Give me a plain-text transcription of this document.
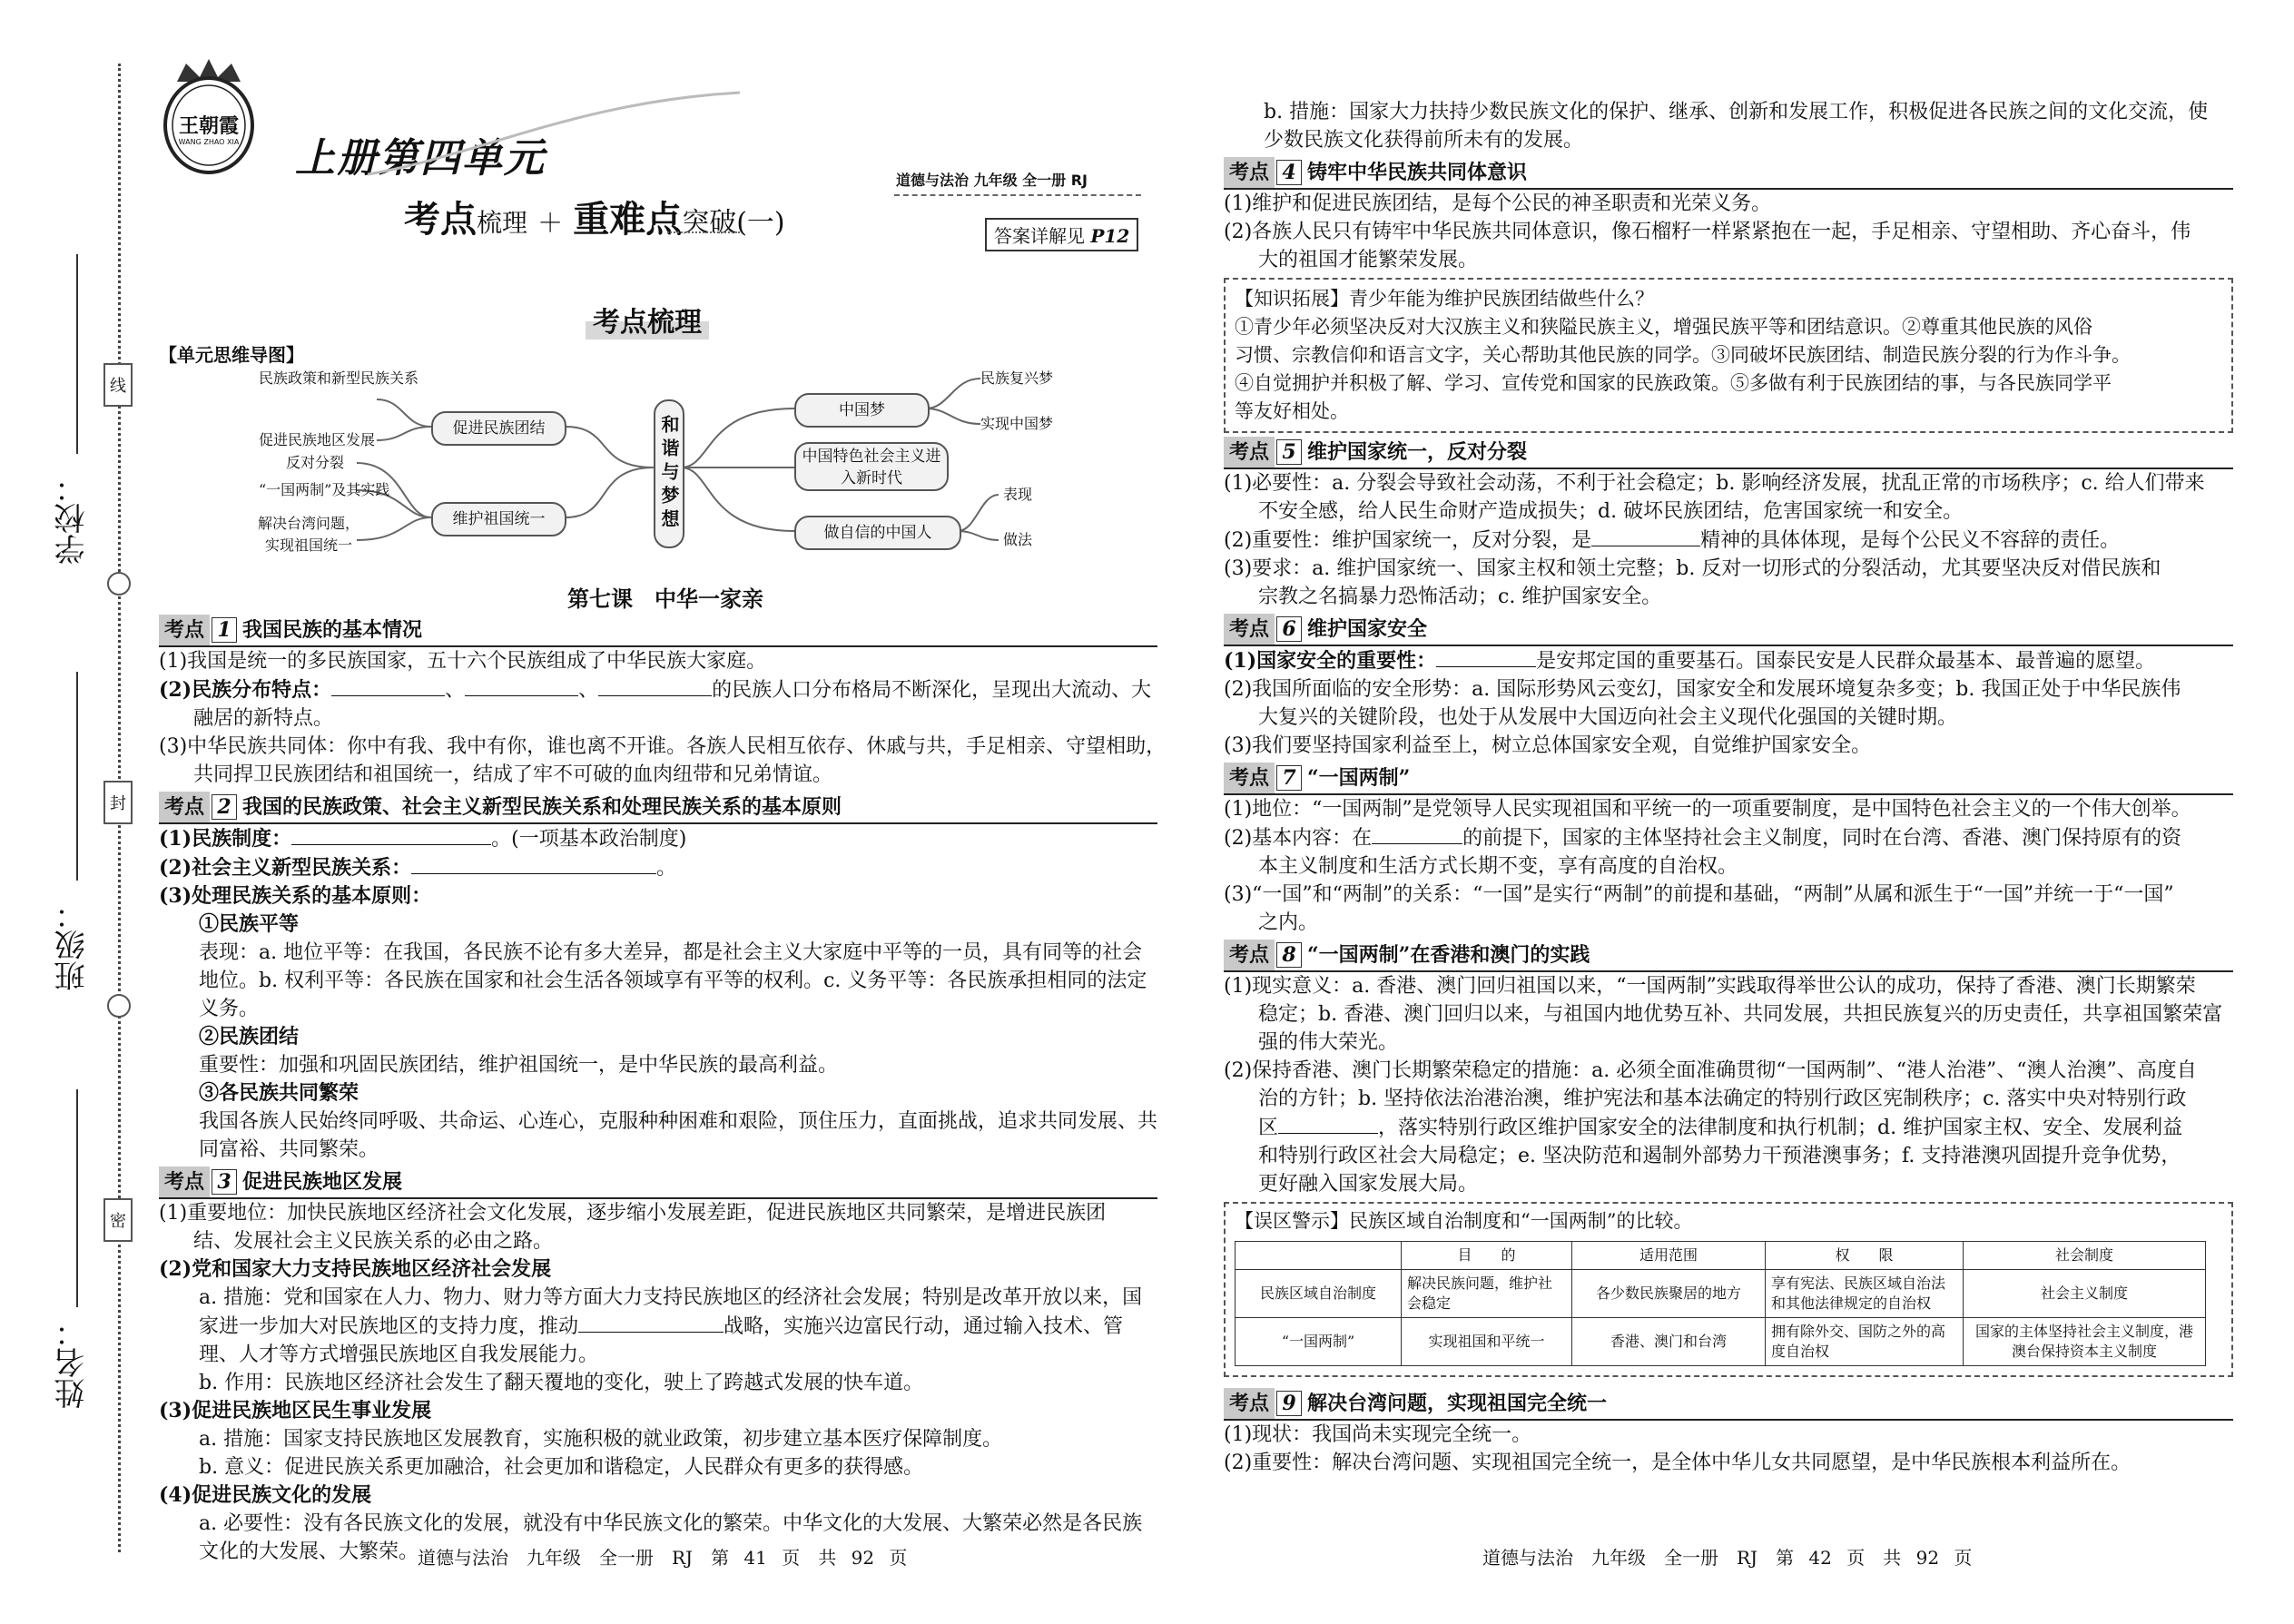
学校：
班级：
姓名：
线
封
密
王朝霞
WANG ZHAO XIA 上册第四单元
考点梳理 ＋ 重难点突破(一)
道德与法治 九年级 全一册 RJ
答案详解见 P12
考点梳理
【单元思维导图】
民族政策和新型民族关系
促进民族地区发展
反对分裂
“一国两制”及其实践
解决台湾问题，实现祖国统一
促进民族团结
维护祖国统一	和谐与梦想
中国梦
中国特色社会主义进入新时代
做自信的中国人
民族复兴梦
实现中国梦
表现
做法
第七课　中华一家亲
考点 1 我国民族的基本情况

(1)我国是统一的多民族国家，五十六个民族组成了中华民族大家庭。

(2)民族分布特点：	、	、	的民族人口分布格局不断深化，呈现出大流动、大

融居的新特点。

(3)中华民族共同体：你中有我、我中有你，谁也离不开谁。各族人民相互依存、休戚与共，手足相亲、守望相助，

共同捍卫民族团结和祖国统一，结成了牢不可破的血肉纽带和兄弟情谊。

考点 2 我国的民族政策、社会主义新型民族关系和处理民族关系的基本原则

(1)民族制度：	。(一项基本政治制度)

(2)社会主义新型民族关系：	。

(3)处理民族关系的基本原则：

①民族平等

表现：a. 地位平等：在我国，各民族不论有多大差异，都是社会主义大家庭中平等的一员，具有同等的社会

地位。b. 权利平等：各民族在国家和社会生活各领域享有平等的权利。c. 义务平等：各民族承担相同的法定

义务。

②民族团结

重要性：加强和巩固民族团结，维护祖国统一，是中华民族的最高利益。

③各民族共同繁荣

我国各族人民始终同呼吸、共命运、心连心，克服种种困难和艰险，顶住压力，直面挑战，追求共同发展、共

同富裕、共同繁荣。

考点 3 促进民族地区发展

(1)重要地位：加快民族地区经济社会文化发展，逐步缩小发展差距，促进民族地区共同繁荣，是增进民族团

结、发展社会主义民族关系的必由之路。

(2)党和国家大力支持民族地区经济社会发展

a. 措施：党和国家在人力、物力、财力等方面大力支持民族地区的经济社会发展；特别是改革开放以来，国

家进一步加大对民族地区的支持力度，推动	战略，实施兴边富民行动，通过输入技术、管

理、人才等方式增强民族地区自我发展能力。

b. 作用：民族地区经济社会发生了翻天覆地的变化，驶上了跨越式发展的快车道。

(3)促进民族地区民生事业发展

a. 措施：国家支持民族地区发展教育，实施积极的就业政策，初步建立基本医疗保障制度。

b. 意义：促进民族关系更加融洽，社会更加和谐稳定，人民群众有更多的获得感。

(4)促进民族文化的发展

a. 必要性：没有各民族文化的发展，就没有中华民族文化的繁荣。中华文化的大发展、大繁荣必然是各民族

文化的大发展、大繁荣。

道德与法治　九年级　全一册　RJ　第 41 页　共 92 页

b. 措施：国家大力扶持少数民族文化的保护、继承、创新和发展工作，积极促进各民族之间的文化交流，使

少数民族文化获得前所未有的发展。

考点 4 铸牢中华民族共同体意识

(1)维护和促进民族团结，是每个公民的神圣职责和光荣义务。

(2)各族人民只有铸牢中华民族共同体意识，像石榴籽一样紧紧抱在一起，手足相亲、守望相助、齐心奋斗，伟

大的祖国才能繁荣发展。

【知识拓展】青少年能为维护民族团结做些什么？

①青少年必须坚决反对大汉族主义和狭隘民族主义，增强民族平等和团结意识。②尊重其他民族的风俗

习惯、宗教信仰和语言文字，关心帮助其他民族的同学。③同破坏民族团结、制造民族分裂的行为作斗争。

④自觉拥护并积极了解、学习、宣传党和国家的民族政策。⑤多做有利于民族团结的事，与各民族同学平

等友好相处。

考点 5 维护国家统一，反对分裂

(1)必要性：a. 分裂会导致社会动荡，不利于社会稳定；b. 影响经济发展，扰乱正常的市场秩序；c. 给人们带来

不安全感，给人民生命财产造成损失；d. 破坏民族团结，危害国家统一和安全。

(2)重要性：维护国家统一，反对分裂，是	精神的具体体现，是每个公民义不容辞的责任。

(3)要求：a. 维护国家统一、国家主权和领土完整；b. 反对一切形式的分裂活动，尤其要坚决反对借民族和

宗教之名搞暴力恐怖活动；c. 维护国家安全。

考点 6 维护国家安全

(1)国家安全的重要性：	是安邦定国的重要基石。国泰民安是人民群众最基本、最普遍的愿望。

(2)我国所面临的安全形势：a. 国际形势风云变幻，国家安全和发展环境复杂多变；b. 我国正处于中华民族伟

大复兴的关键阶段，也处于从发展中大国迈向社会主义现代化强国的关键时期。

(3)我们要坚持国家利益至上，树立总体国家安全观，自觉维护国家安全。

考点 7 “一国两制”

(1)地位：“一国两制”是党领导人民实现祖国和平统一的一项重要制度，是中国特色社会主义的一个伟大创举。

(2)基本内容：在	的前提下，国家的主体坚持社会主义制度，同时在台湾、香港、澳门保持原有的资

本主义制度和生活方式长期不变，享有高度的自治权。

(3)“一国”和“两制”的关系：“一国”是实行“两制”的前提和基础，“两制”从属和派生于“一国”并统一于“一国”

之内。

考点 8 “一国两制”在香港和澳门的实践

(1)现实意义：a. 香港、澳门回归祖国以来，“一国两制”实践取得举世公认的成功，保持了香港、澳门长期繁荣

稳定；b. 香港、澳门回归以来，与祖国内地优势互补、共同发展，共担民族复兴的历史责任，共享祖国繁荣富

强的伟大荣光。

(2)保持香港、澳门长期繁荣稳定的措施：a. 必须全面准确贯彻“一国两制”、“港人治港”、“澳人治澳”、高度自

治的方针；b. 坚持依法治港治澳，维护宪法和基本法确定的特别行政区宪制秩序；c. 落实中央对特别行政

区	，落实特别行政区维护国家安全的法律制度和执行机制；d. 维护国家主权、安全、发展利益

和特别行政区社会大局稳定；e. 坚决防范和遏制外部势力干预港澳事务；f. 支持港澳巩固提升竞争优势，

更好融入国家发展大局。

【误区警示】民族区域自治制度和“一国两制”的比较。

	目　　的	适用范围	权　　限	社会制度
民族区域自治制度	解决民族问题，维护社会稳定	各少数民族聚居的地方	享有宪法、民族区域自治法和其他法律规定的自治权	社会主义制度
“一国两制”	实现祖国和平统一	香港、澳门和台湾	拥有除外交、国防之外的高度自治权	国家的主体坚持社会主义制度，港澳台保持资本主义制度
考点 9 解决台湾问题，实现祖国完全统一

(1)现状：我国尚未实现完全统一。

(2)重要性：解决台湾问题、实现祖国完全统一，是全体中华儿女共同愿望，是中华民族根本利益所在。

道德与法治　九年级　全一册　RJ　第 42 页　共 92 页
